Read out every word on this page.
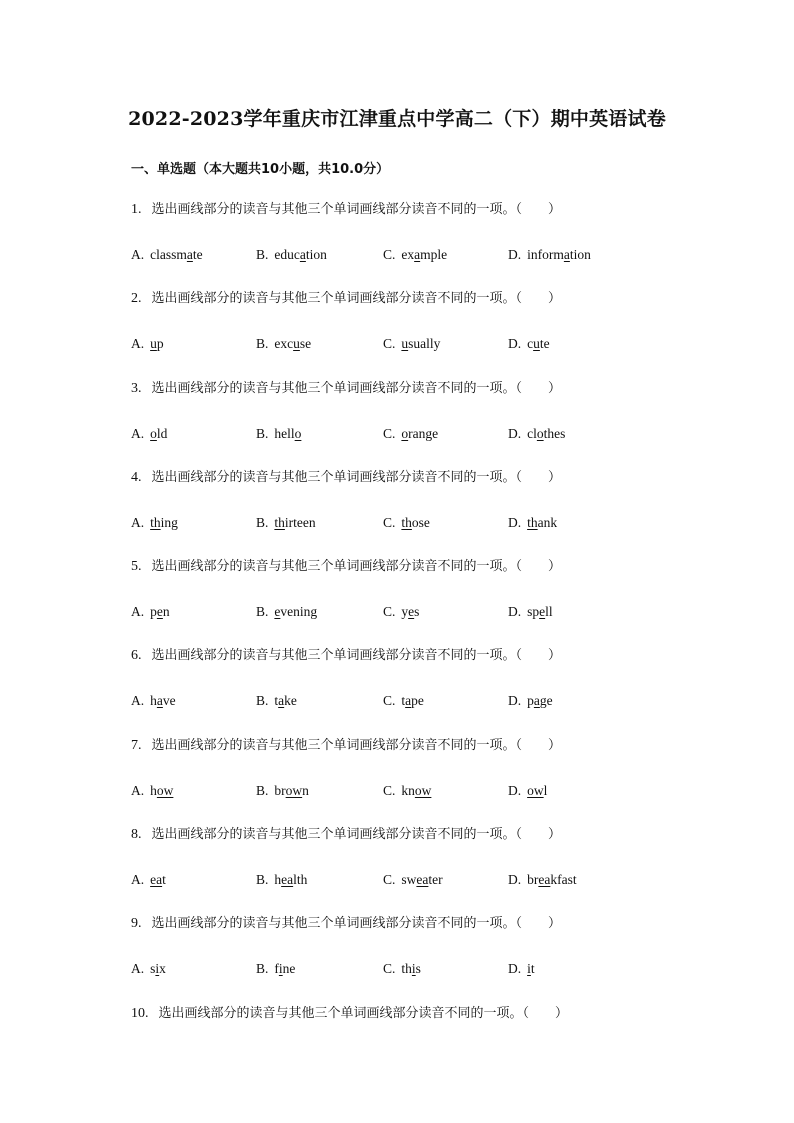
2022-2023学年重庆市江津重点中学高二（下）期中英语试卷
一、单选题（本大题共10小题，共10.0分）
1. 选出画线部分的读音与其他三个单词画线部分读音不同的一项。（　　）
A. classmate	B. education	C. example	D. information
2. 选出画线部分的读音与其他三个单词画线部分读音不同的一项。（　　）
A. up	B. excuse	C. usually	D. cute
3. 选出画线部分的读音与其他三个单词画线部分读音不同的一项。（　　）
A. old	B. hello	C. orange	D. clothes
4. 选出画线部分的读音与其他三个单词画线部分读音不同的一项。（　　）
A. thing	B. thirteen	C. those	D. thank
5. 选出画线部分的读音与其他三个单词画线部分读音不同的一项。（　　）
A. pen	B. evening	C. yes	D. spell
6. 选出画线部分的读音与其他三个单词画线部分读音不同的一项。（　　）
A. have	B. take	C. tape	D. page
7. 选出画线部分的读音与其他三个单词画线部分读音不同的一项。（　　）
A. how	B. brown	C. know	D. owl
8. 选出画线部分的读音与其他三个单词画线部分读音不同的一项。（　　）
A. eat	B. health	C. sweater	D. breakfast
9. 选出画线部分的读音与其他三个单词画线部分读音不同的一项。（　　）
A. six	B. fine	C. this	D. it
10. 选出画线部分的读音与其他三个单词画线部分读音不同的一项。（　　）
